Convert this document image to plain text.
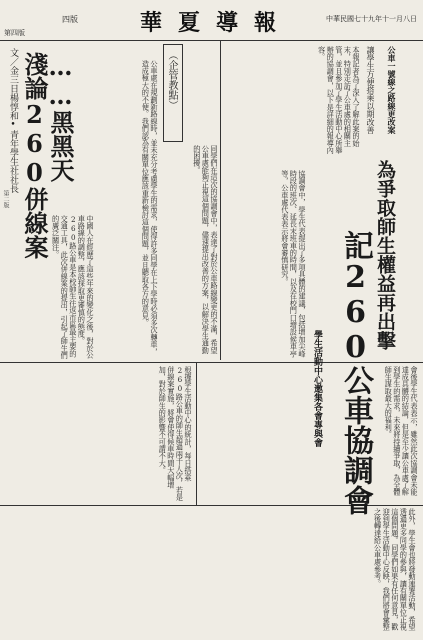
第四版
四版	華夏導報	中華民國七十九年十一月八日
……黑黑天
淺論260併線案
文／金三日楊惇和•青年學生社社長	（企管教點）
中國人在經歷了這些年來的變化之後，對於公車路線的調整，應該採取更審慎的態度。260路公車是本校師生往返市區最主要的交通工具，此次併線案的提出，引起了師生們的廣泛關注。	公車處在規劃新路線時，並未充分考慮學生的需求，使得許多同學在上下學時必須多次轉車，造成極大的不便。我們認為有關單位應該重新檢討這個問題，並且聽取各方的意見。	同學們在這次的協調會中，表達了對於公車路線變更的不滿，希望公車處能夠正視這個問題，儘速提出改善的方案，以解決學生通勤的困擾。
公車一號線之路線更改案
讓學生方便搭乘以期改善
為爭取師生權益再出擊
記260公車協調會
學生活動中心邀集各會專與會
本報記者為了深入了解此案的始末，特別走訪了公車處的相關主管，並且參加了學生活動中心所舉辦的協調會，以下是詳細的報導內容。
協調會中，學生代表提出了多項具體的建議，包括增加尖峰時段的班次、延長末班車的時間，以及在校門口增設候車亭等，公車處代表表示將會審慎研究。
會後學生代表表示，雖然此次協調會未能達成具體的結論，但是至少讓公車處了解到學生的需求，未來將持續爭取，為全體師生謀取最大的福利。
根據學生活動中心的統計，每日搭乘260路公車的師生超過兩千人次，若是併線案實施，將會使得候車時間大幅增加，對於師生的影響不可謂不大。
此外，學生會也將發動連署活動，希望透過更多同學的參與，讓有關單位正視這個問題。同學們如果有任何意見，歡迎到學生活動中心反映，我們將會彙整之後轉達給公車處參考。
第二版
